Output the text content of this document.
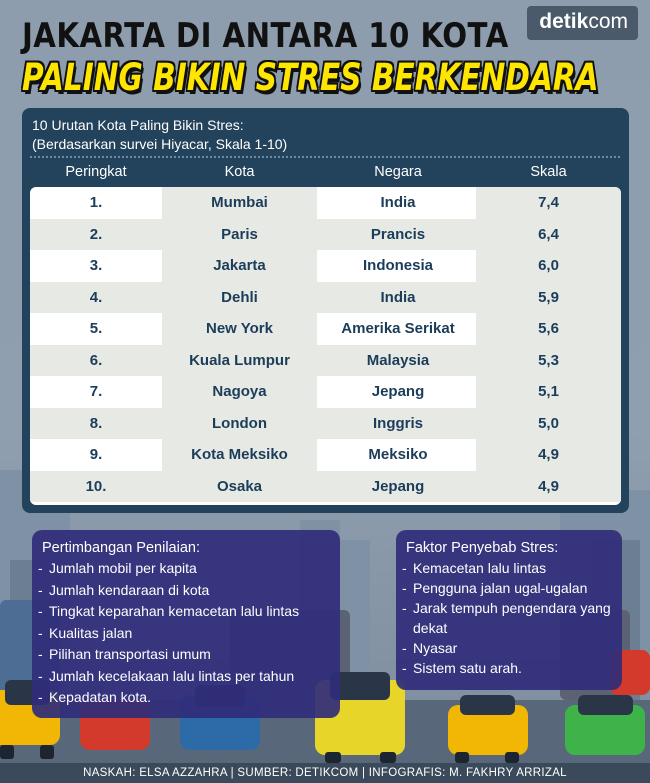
JAKARTA DI ANTARA 10 KOTA
PALING BIKIN STRES BERKENDARA
detikcom
10 Urutan Kota Paling Bikin Stres:
(Berdasarkan survei Hiyacar, Skala 1-10)
Peringkat	Kota	Negara	Skala
1.	Mumbai	India	7,4
2.	Paris	Prancis	6,4
3.	Jakarta	Indonesia	6,0
4.	Dehli	India	5,9
5.	New York	Amerika Serikat	5,6
6.	Kuala Lumpur	Malaysia	5,3
7.	Nagoya	Jepang	5,1
8.	London	Inggris	5,0
9.	Kota Meksiko	Meksiko	4,9
10.	Osaka	Jepang	4,9
Pertimbangan Penilaian:
- Jumlah mobil per kapita
- Jumlah kendaraan di kota
- Tingkat keparahan kemacetan lalu lintas
- Kualitas jalan
- Pilihan transportasi umum
- Jumlah kecelakaan lalu lintas per tahun
- Kepadatan kota.
Faktor Penyebab Stres:
- Kemacetan lalu lintas
- Pengguna jalan ugal-ugalan
- Jarak tempuh pengendara yang dekat
- Nyasar
- Sistem satu arah.
NASKAH: ELSA AZZAHRA | SUMBER: DETIKCOM | INFOGRAFIS: M. FAKHRY ARRIZAL
